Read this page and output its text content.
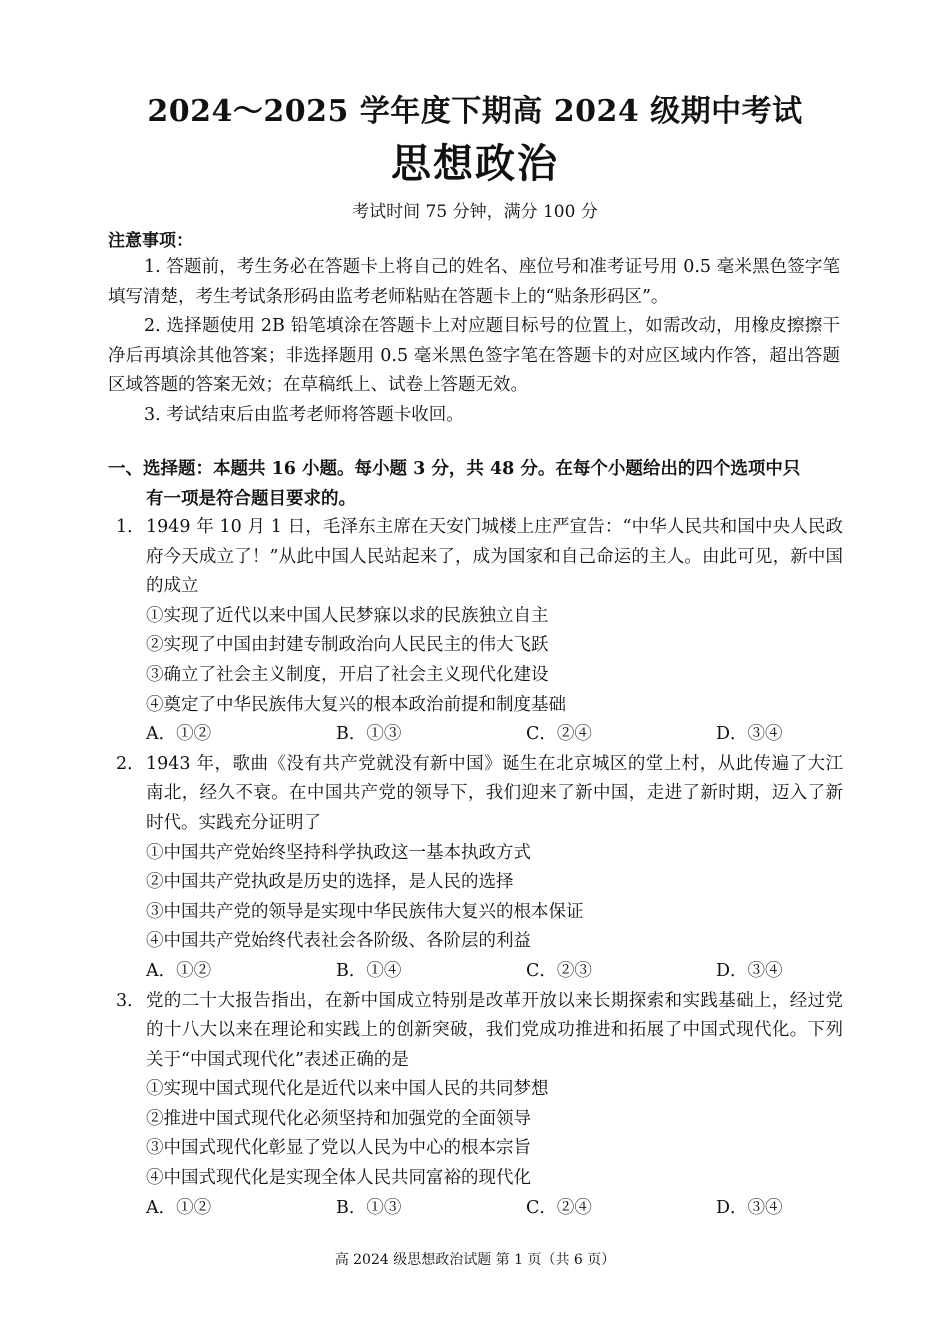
2024～2025 学年度下期高 2024 级期中考试
思想政治
考试时间 75 分钟，满分 100 分
注意事项：

1. 答题前，考生务必在答题卡上将自己的姓名、座位号和准考证号用 0.5 毫米黑色签字笔填写清楚，考生考试条形码由监考老师粘贴在答题卡上的“贴条形码区”。

2. 选择题使用 2B 铅笔填涂在答题卡上对应题目标号的位置上，如需改动，用橡皮擦擦干净后再填涂其他答案；非选择题用 0.5 毫米黑色签字笔在答题卡的对应区域内作答，超出答题区域答题的答案无效；在草稿纸上、试卷上答题无效。

3. 考试结束后由监考老师将答题卡收回。

一、选择题：本题共 16 小题。每小题 3 分，共 48 分。在每个小题给出的四个选项中只
有一项是符合题目要求的。
1． 1949 年 10 月 1 日，毛泽东主席在天安门城楼上庄严宣告：“中华人民共和国中央人民政府今天成立了！”从此中国人民站起来了，成为国家和自己命运的主人。由此可见，新中国的成立
①实现了近代以来中国人民梦寐以求的民族独立自主
②实现了中国由封建专制政治向人民民主的伟大飞跃
③确立了社会主义制度，开启了社会主义现代化建设
④奠定了中华民族伟大复兴的根本政治前提和制度基础
A．①②	B．①③	C．②④	D．③④
2． 1943 年，歌曲《没有共产党就没有新中国》诞生在北京城区的堂上村，从此传遍了大江南北，经久不衰。在中国共产党的领导下，我们迎来了新中国，走进了新时期，迈入了新时代。实践充分证明了
①中国共产党始终坚持科学执政这一基本执政方式
②中国共产党执政是历史的选择，是人民的选择
③中国共产党的领导是实现中华民族伟大复兴的根本保证
④中国共产党始终代表社会各阶级、各阶层的利益
A．①②	B．①④	C．②③	D．③④
3． 党的二十大报告指出，在新中国成立特别是改革开放以来长期探索和实践基础上，经过党的十八大以来在理论和实践上的创新突破，我们党成功推进和拓展了中国式现代化。下列关于“中国式现代化”表述正确的是
①实现中国式现代化是近代以来中国人民的共同梦想
②推进中国式现代化必须坚持和加强党的全面领导
③中国式现代化彰显了党以人民为中心的根本宗旨
④中国式现代化是实现全体人民共同富裕的现代化
A．①②	B．①③	C．②④	D．③④
高 2024 级思想政治试题 第 1 页（共 6 页）
